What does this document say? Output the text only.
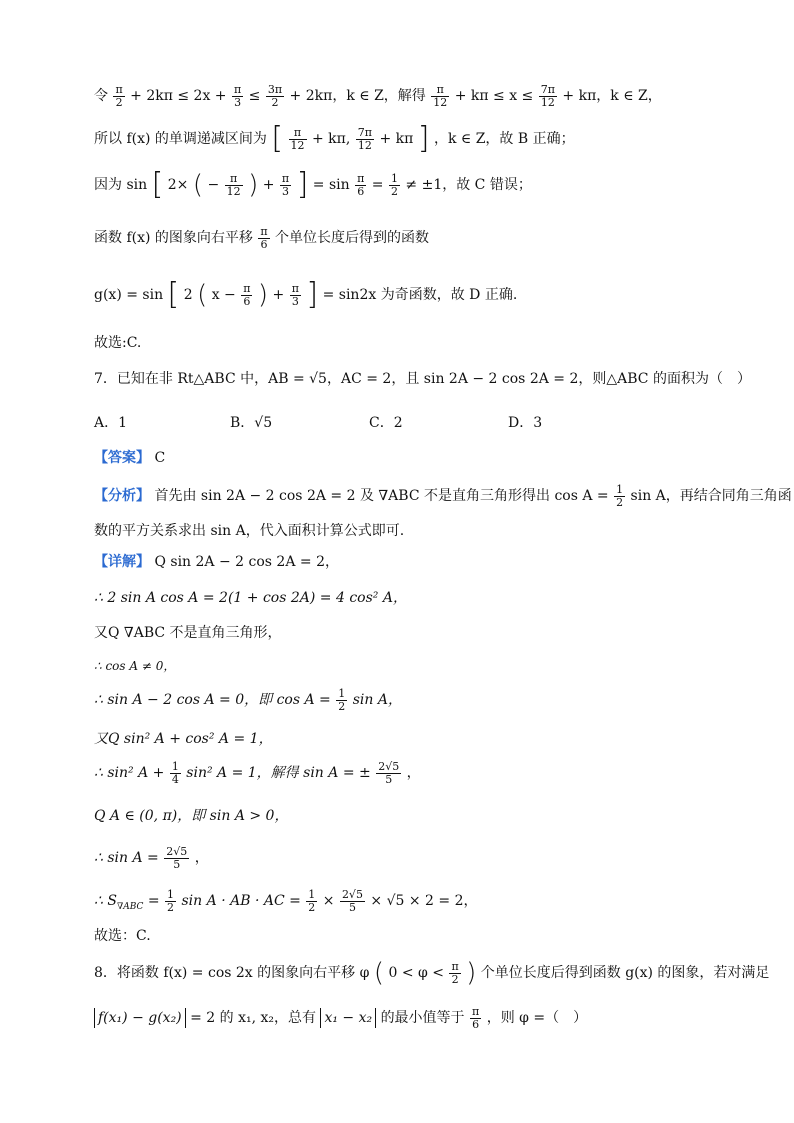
令 $\frac{\pi}{2} + 2k\pi \le 2x + \frac{\pi}{3} \le \frac{3\pi}{2} + 2k\pi$，k ∈ Z，解得 $\frac{\pi}{12} + k\pi \le x \le \frac{7\pi}{12} + k\pi$，k ∈ Z，
所以 f(x) 的单调递减区间为 [ $\frac{\pi}{12} + k\pi$, $\frac{7\pi}{12} + k\pi$ ] ，k ∈ Z，故 B 正确；
因为 sin [ 2× ( − $\frac{\pi}{12}$ ) + $\frac{\pi}{3}$ ] = $\sin \frac{\pi}{6} = \frac{1}{2} \ne \pm 1$，故 C 错误；
函数 f(x) 的图象向右平移 $\frac{\pi}{6}$ 个单位长度后得到的函数
g(x) = sin [ 2 ( $x - \frac{\pi}{6}$ ) + $\frac{\pi}{3}$ ] = sin2x 为奇函数，故 D 正确.
故选:C.
7．已知在非 Rt△ABC 中，AB = √5，AC = 2，且 sin 2A − 2 cos 2A = 2，则△ABC 的面积为（　）
A．1	B．√5	C．2	D．3
【答案】 C
【分析】 首先由 sin 2A − 2 cos 2A = 2 及 ∇ABC 不是直角三角形得出 $\cos A = \frac{1}{2}$ sin A，再结合同角三角函
数的平方关系求出 sin A，代入面积计算公式即可.
【详解】 Q sin 2A − 2 cos 2A = 2，
∴ 2 sin A cos A = 2(1 + cos 2A) = 4 cos² A，
又Q ∇ABC 不是直角三角形，
∴ cos A ≠ 0，
∴ sin A − 2 cos A = 0，即 $\cos A = \frac{1}{2}$ sin A，
又Q sin² A + cos² A = 1，
∴ sin² $A + \frac{1}{4} \sin^2$ A = 1，解得 sin A = ± $\frac{2√5}{5}$ ，
Q A ∈ (0, π)，即 sin A > 0，
∴ $\sin A = \frac{2√5}{5}$ ，
∴ $S_{\nabla ABC} = \frac{1}{2}$ sin A · AB · AC = $\frac{1}{2} \times \frac{2√5}{5} \times √5 \times 2 = 2$，
故选：C.
8．将函数 f(x) = cos 2x 的图象向右平移 φ ( $0 < \varphi < \frac{\pi}{2}$ ) 个单位长度后得到函数 g(x) 的图象，若对满足
f(x₁) − g(x₂) = 2 的 x₁, x₂，总有 x₁ − x₂ 的最小值等于 $\frac{\pi}{6}$ ，则 φ =（　）
